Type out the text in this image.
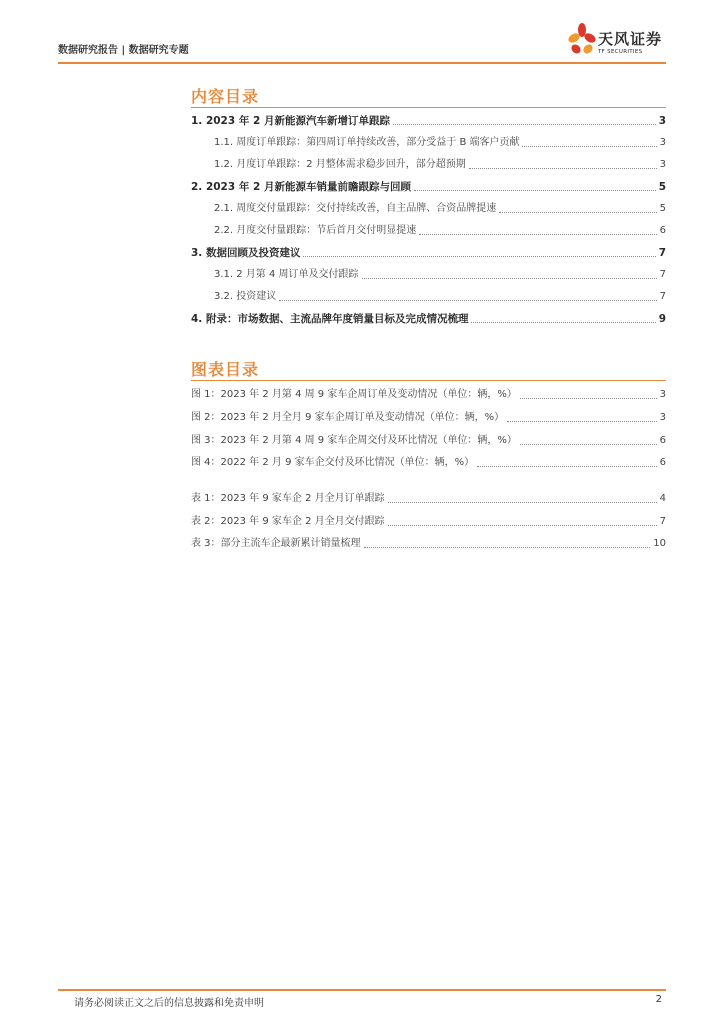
数据研究报告 | 数据研究专题
天风证券
TF SECURITIES
内容目录
1. 2023 年 2 月新能源汽车新增订单跟踪	3
1.1. 周度订单跟踪：第四周订单持续改善，部分受益于 B 端客户贡献	3
1.2. 月度订单跟踪：2 月整体需求稳步回升，部分超预期	3
2. 2023 年 2 月新能源车销量前瞻跟踪与回顾	5
2.1. 周度交付量跟踪：交付持续改善，自主品牌、合资品牌提速	5
2.2. 月度交付量跟踪：节后首月交付明显提速	6
3. 数据回顾及投资建议	7
3.1. 2 月第 4 周订单及交付跟踪	7
3.2. 投资建议	7
4. 附录：市场数据、主流品牌年度销量目标及完成情况梳理	9
图表目录
图 1：2023 年 2 月第 4 周 9 家车企周订单及变动情况（单位：辆，%）	3
图 2：2023 年 2 月全月 9 家车企周订单及变动情况（单位：辆，%）	3
图 3：2023 年 2 月第 4 周 9 家车企周交付及环比情况（单位：辆，%）	6
图 4：2022 年 2 月 9 家车企交付及环比情况（单位：辆，%）	6
表 1：2023 年 9 家车企 2 月全月订单跟踪	4
表 2：2023 年 9 家车企 2 月全月交付跟踪	7
表 3：部分主流车企最新累计销量梳理	10
请务必阅读正文之后的信息披露和免责申明	2
